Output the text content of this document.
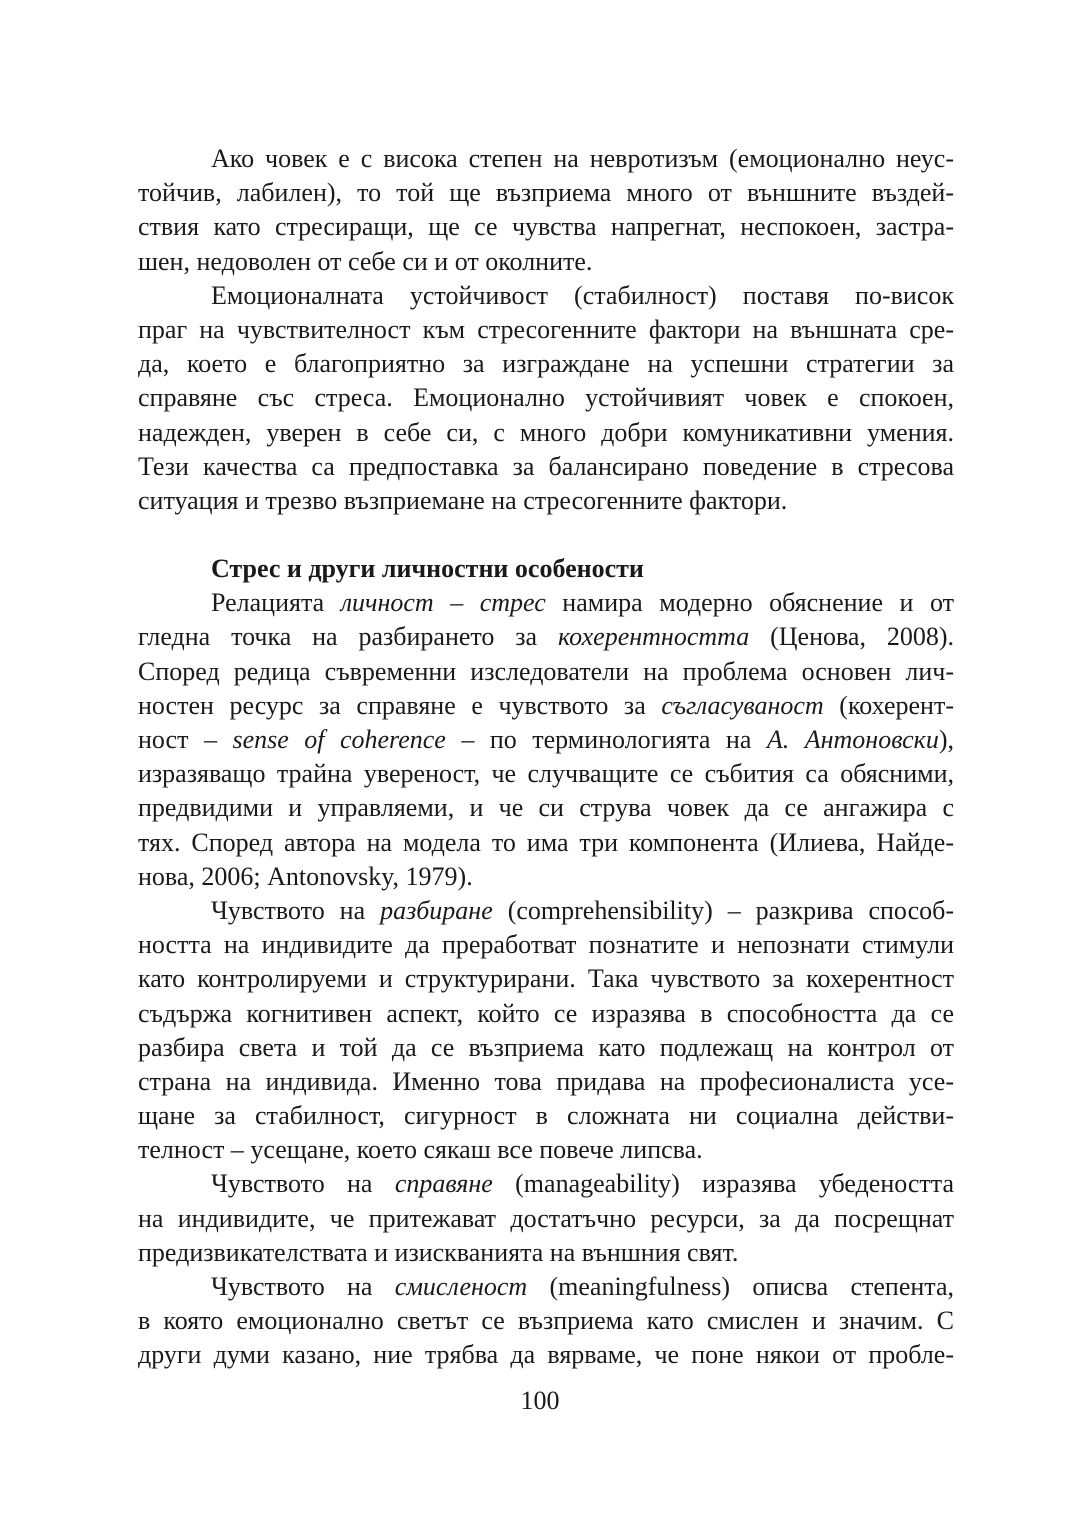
Ако човек е с висока степен на невротизъм (емоционално неус-
тойчив, лабилен), то той ще възприема много от външните въздей-
ствия като стресиращи, ще се чувства напрегнат, неспокоен, застра-
шен, недоволен от себе си и от околните.
Емоционалната устойчивост (стабилност) поставя по-висок
праг на чувствителност към стресогенните фактори на външната сре-
да, което е благоприятно за изграждане на успешни стратегии за
справяне със стреса. Емоционално устойчивият човек е спокоен,
надежден, уверен в себе си, с много добри комуникативни умения.
Тези качества са предпоставка за балансирано поведение в стресова
ситуация и трезво възприемане на стресогенните фактори.
Стрес и други личностни особености
Релацията личност – стрес намира модерно обяснение и от
гледна точка на разбирането за кохерентността (Ценова, 2008).
Според редица съвременни изследователи на проблема основен лич-
ностен ресурс за справяне е чувството за съгласуваност (кохерент-
ност – sense of coherence – по терминологията на А. Антоновски),
изразяващо трайна увереност, че случващите се събития са обясними,
предвидими и управляеми, и че си струва човек да се ангажира с
тях. Според автора на модела то има три компонента (Илиева, Найде-
нова, 2006; Antonovsky, 1979).
Чувството на разбиране (comprehensibility) – разкрива способ-
ността на индивидите да преработват познатите и непознати стимули
като контролируеми и структурирани. Така чувството за кохерентност
съдържа когнитивен аспект, който се изразява в способността да се
разбира света и той да се възприема като подлежащ на контрол от
страна на индивида. Именно това придава на професионалиста усе-
щане за стабилност, сигурност в сложната ни социална действи-
телност – усещане, което сякаш все повече липсва.
Чувството на справяне (manageability) изразява убедеността
на индивидите, че притежават достатъчно ресурси, за да посрещнат
предизвикателствата и изискванията на външния свят.
Чувството на смисленост (meaningfulness) описва степента,
в която емоционално светът се възприема като смислен и значим. С
други думи казано, ние трябва да вярваме, че поне някои от пробле-
100
